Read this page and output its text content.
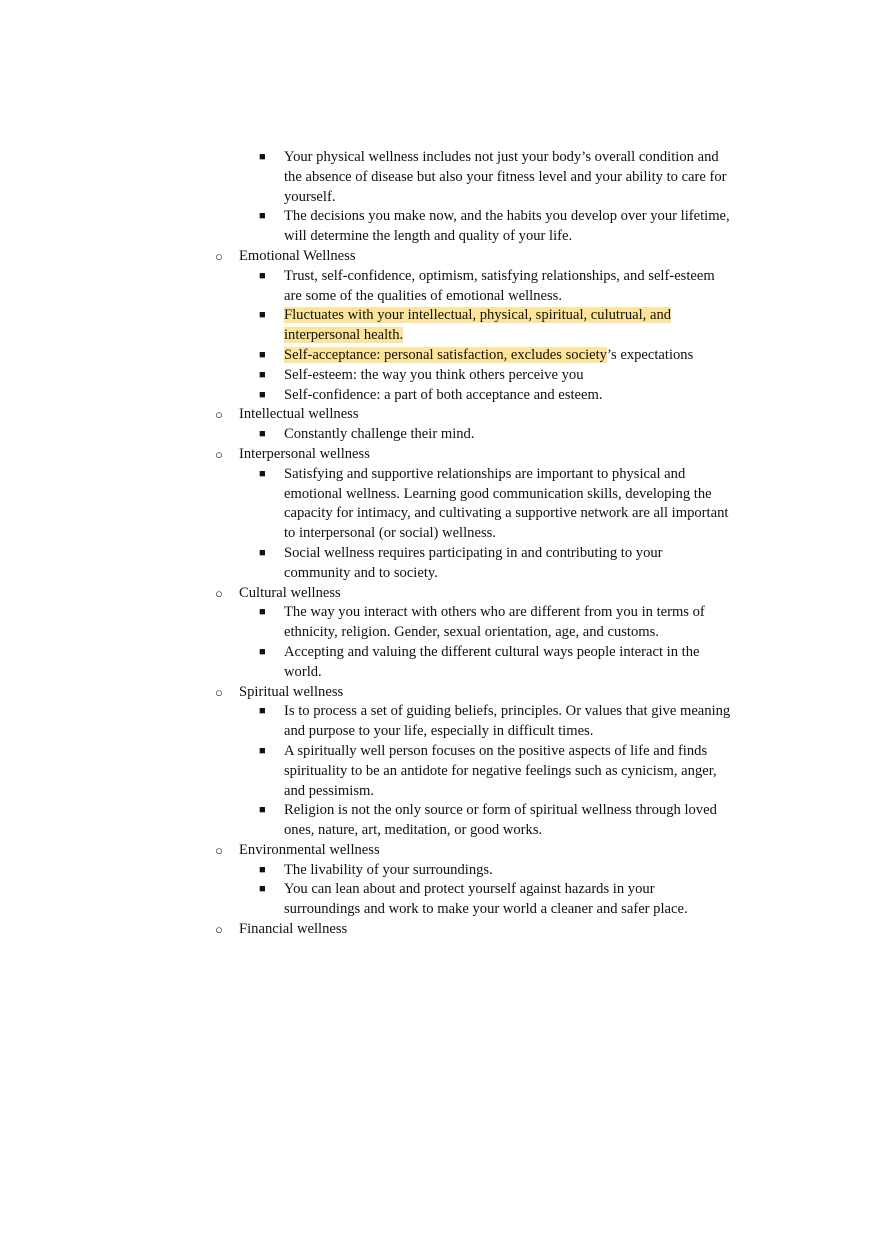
■ Your physical wellness includes not just your body’s overall condition and the absence of disease but also your fitness level and your ability to care for yourself.
■ The decisions you make now, and the habits you develop over your lifetime, will determine the length and quality of your life.
○ Emotional Wellness
■ Trust, self-confidence, optimism, satisfying relationships, and self-esteem are some of the qualities of emotional wellness.
■ Fluctuates with your intellectual, physical, spiritual, culutrual, and interpersonal health.
■ Self-acceptance: personal satisfaction, excludes society’s expectations
■ Self-esteem: the way you think others perceive you
■ Self-confidence: a part of both acceptance and esteem.
○ Intellectual wellness
■ Constantly challenge their mind.
○ Interpersonal wellness
■ Satisfying and supportive relationships are important to physical and emotional wellness. Learning good communication skills, developing the capacity for intimacy, and cultivating a supportive network are all important to interpersonal (or social) wellness.
■ Social wellness requires participating in and contributing to your community and to society.
○ Cultural wellness
■ The way you interact with others who are different from you in terms of ethnicity, religion. Gender, sexual orientation, age, and customs.
■ Accepting and valuing the different cultural ways people interact in the world.
○ Spiritual wellness
■ Is to process a set of guiding beliefs, principles. Or values that give meaning and purpose to your life, especially in difficult times.
■ A spiritually well person focuses on the positive aspects of life and finds spirituality to be an antidote for negative feelings such as cynicism, anger, and pessimism.
■ Religion is not the only source or form of spiritual wellness through loved ones, nature, art, meditation, or good works.
○ Environmental wellness
■ The livability of your surroundings.
■ You can lean about and protect yourself against hazards in your surroundings and work to make your world a cleaner and safer place.
○ Financial wellness
